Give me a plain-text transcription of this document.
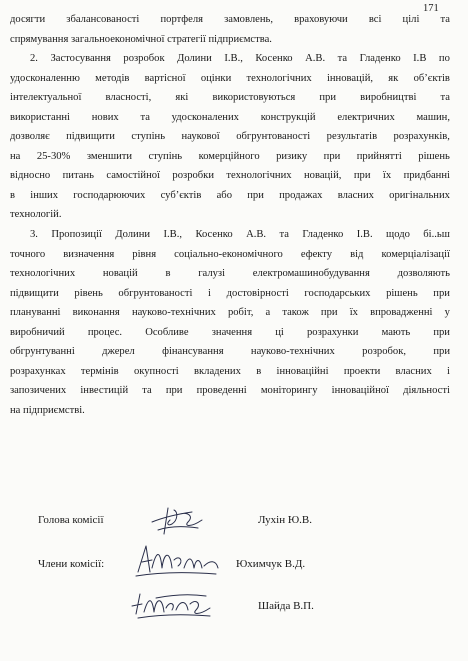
171
досягти збалансованості портфеля замовлень, враховуючи всі цілі та
спрямування загальноекономічної стратегії підприємства.
2. Застосування розробок Долини І.В., Косенко А.В. та Гладенко І.В по
удосконаленню методів вартісної оцінки технологічних інновацій, як об’єктів
інтелектуальної власності, які використовуються при виробництві та
використанні нових та удосконалених конструкцій електричних машин,
дозволяє підвищити ступінь наукової обгрунтованості результатів розрахунків,
на 25-30% зменшити ступінь комерційного ризику при прийнятті рішень
відносно питань самостійної розробки технологічних новацій, при їх придбанні
в інших господарюючих суб’єктів або при продажах власних оригінальних
технологій.
3. Пропозиції Долини І.В., Косенко А.В. та Гладенко І.В. щодо бі..ьш
точного визначення рівня соціально-економічного ефекту від комерціалізації
технологічних	новацій	в	галузі	електромашинобудування	дозволяють
підвищити рівень обгрунтованості і достовірності господарських рішень при
плануванні виконання науково-технічних робіт, а також при їх впровадженні у
виробничий процес. Особливе значення ці розрахунки мають при
обгрунтуванні	джерел	фінансування	науково-технічних	розробок,	при
розрахунках термінів окупності вкладених в інноваційні проекти власних і
запозичених інвестицій та при проведенні моніторингу інноваційної діяльності
на підприємстві.
Голова комісії	Лухін Ю.В.
Члени комісії:	Юхимчук В.Д.
Шайда В.П.
